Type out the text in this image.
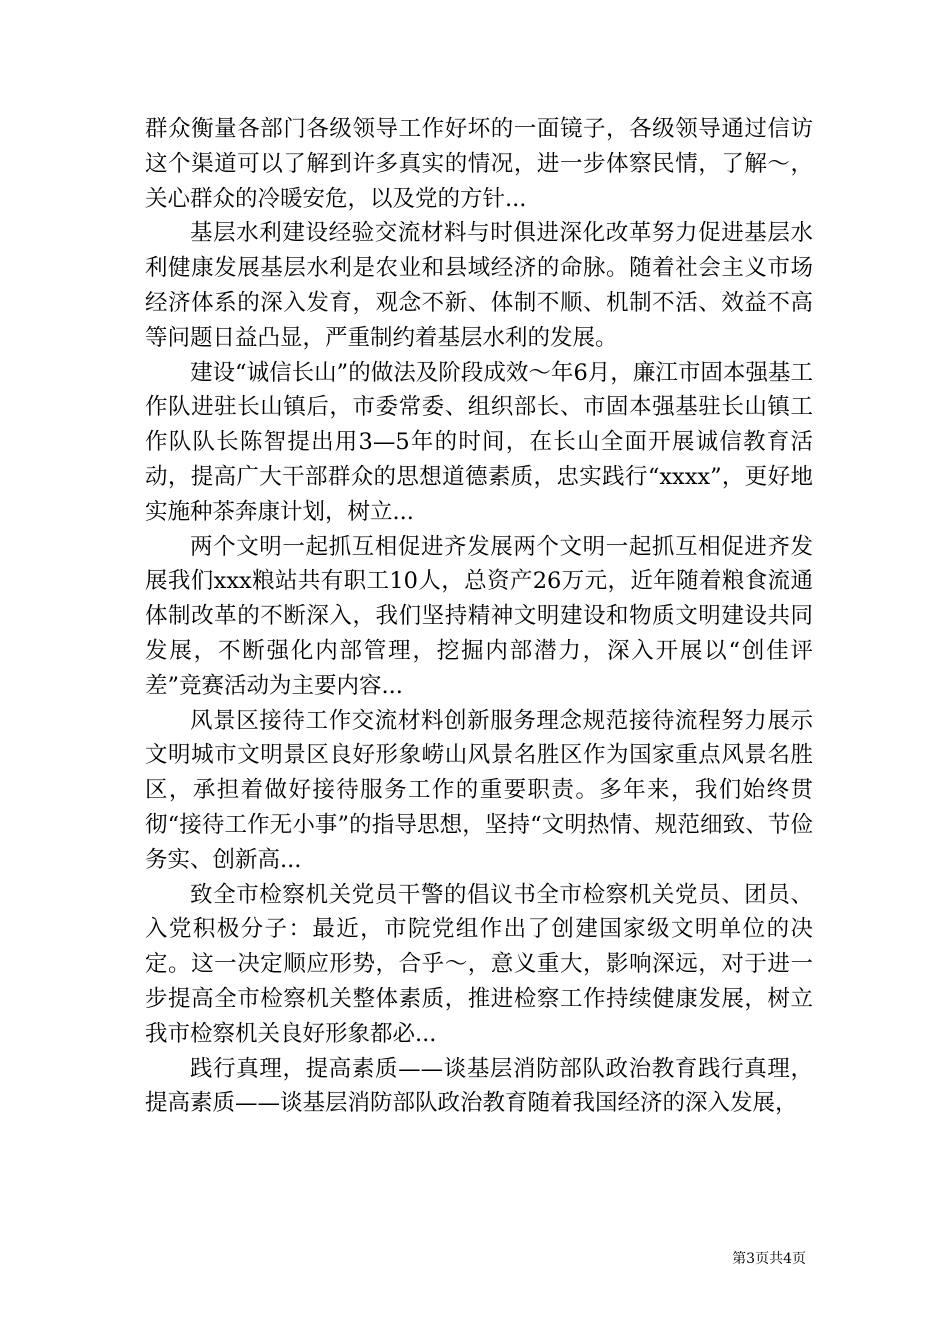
群众衡量各部门各级领导工作好坏的一面镜子，各级领导通过信访这个渠道可以了解到许多真实的情况，进一步体察民情，了解～，关心群众的冷暖安危，以及党的方针...

基层水利建设经验交流材料与时俱进深化改革努力促进基层水利健康发展基层水利是农业和县域经济的命脉。随着社会主义市场经济体系的深入发育，观念不新、体制不顺、机制不活、效益不高等问题日益凸显，严重制约着基层水利的发展。

建设“诚信长山”的做法及阶段成效～年6月，廉江市固本强基工作队进驻长山镇后，市委常委、组织部长、市固本强基驻长山镇工作队队长陈智提出用3—5年的时间，在长山全面开展诚信教育活动，提高广大干部群众的思想道德素质，忠实践行“xxxx”，更好地实施种茶奔康计划，树立...

两个文明一起抓互相促进齐发展两个文明一起抓互相促进齐发展我们xxx粮站共有职工10人，总资产26万元，近年随着粮食流通体制改革的不断深入，我们坚持精神文明建设和物质文明建设共同发展，不断强化内部管理，挖掘内部潜力，深入开展以“创佳评差”竞赛活动为主要内容...

风景区接待工作交流材料创新服务理念规范接待流程努力展示文明城市文明景区良好形象崂山风景名胜区作为国家重点风景名胜区，承担着做好接待服务工作的重要职责。多年来，我们始终贯彻“接待工作无小事”的指导思想，坚持“文明热情、规范细致、节俭务实、创新高...

致全市检察机关党员干警的倡议书全市检察机关党员、团员、入党积极分子：最近，市院党组作出了创建国家级文明单位的决定。这一决定顺应形势，合乎～，意义重大，影响深远，对于进一步提高全市检察机关整体素质，推进检察工作持续健康发展，树立我市检察机关良好形象都必...

践行真理，提高素质——谈基层消防部队政治教育践行真理，提高素质——谈基层消防部队政治教育随着我国经济的深入发展，

第3页共4页
